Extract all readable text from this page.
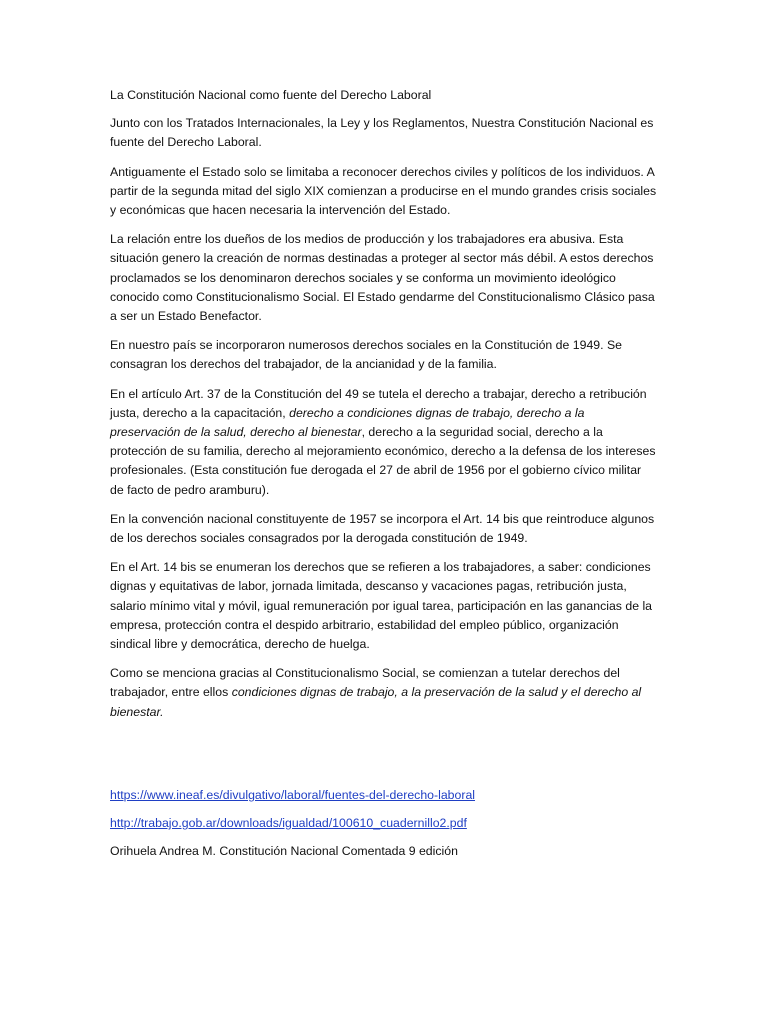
La Constitución Nacional como fuente del Derecho Laboral

Junto con los Tratados Internacionales, la Ley y los Reglamentos, Nuestra Constitución Nacional es fuente del Derecho Laboral.

Antiguamente el Estado solo se limitaba a reconocer derechos civiles y políticos de los individuos. A partir de la segunda mitad del siglo XIX comienzan a producirse en el mundo grandes crisis sociales y económicas que hacen necesaria la intervención del Estado.

La relación entre los dueños de los medios de producción y los trabajadores era abusiva. Esta situación genero la creación de normas destinadas a proteger al sector más débil. A estos derechos proclamados se los denominaron derechos sociales y se conforma un movimiento ideológico conocido como Constitucionalismo Social. El Estado gendarme del Constitucionalismo Clásico pasa a ser un Estado Benefactor.

En nuestro país se incorporaron numerosos derechos sociales en la Constitución de 1949. Se consagran los derechos del trabajador, de la ancianidad y de la familia.

En el artículo Art. 37 de la Constitución del 49 se tutela el derecho a trabajar, derecho a retribución justa, derecho a la capacitación, derecho a condiciones dignas de trabajo, derecho a la preservación de la salud, derecho al bienestar, derecho a la seguridad social, derecho a la protección de su familia, derecho al mejoramiento económico, derecho a la defensa de los intereses profesionales. (Esta constitución fue derogada el 27 de abril de 1956 por el gobierno cívico militar de facto de pedro aramburu).

En la convención nacional constituyente de 1957 se incorpora el Art. 14 bis que reintroduce algunos de los derechos sociales consagrados por la derogada constitución de 1949.

En el Art. 14 bis se enumeran los derechos que se refieren a los trabajadores, a saber: condiciones dignas y equitativas de labor, jornada limitada, descanso y vacaciones pagas, retribución justa, salario mínimo vital y móvil, igual remuneración por igual tarea, participación en las ganancias de la empresa, protección contra el despido arbitrario, estabilidad del empleo público, organización sindical libre y democrática, derecho de huelga.

Como se menciona gracias al Constitucionalismo Social, se comienzan a tutelar derechos del trabajador, entre ellos condiciones dignas de trabajo, a la preservación de la salud y el derecho al bienestar.

https://www.ineaf.es/divulgativo/laboral/fuentes-del-derecho-laboral

http://trabajo.gob.ar/downloads/igualdad/100610_cuadernillo2.pdf

Orihuela Andrea M. Constitución Nacional Comentada 9 edición
